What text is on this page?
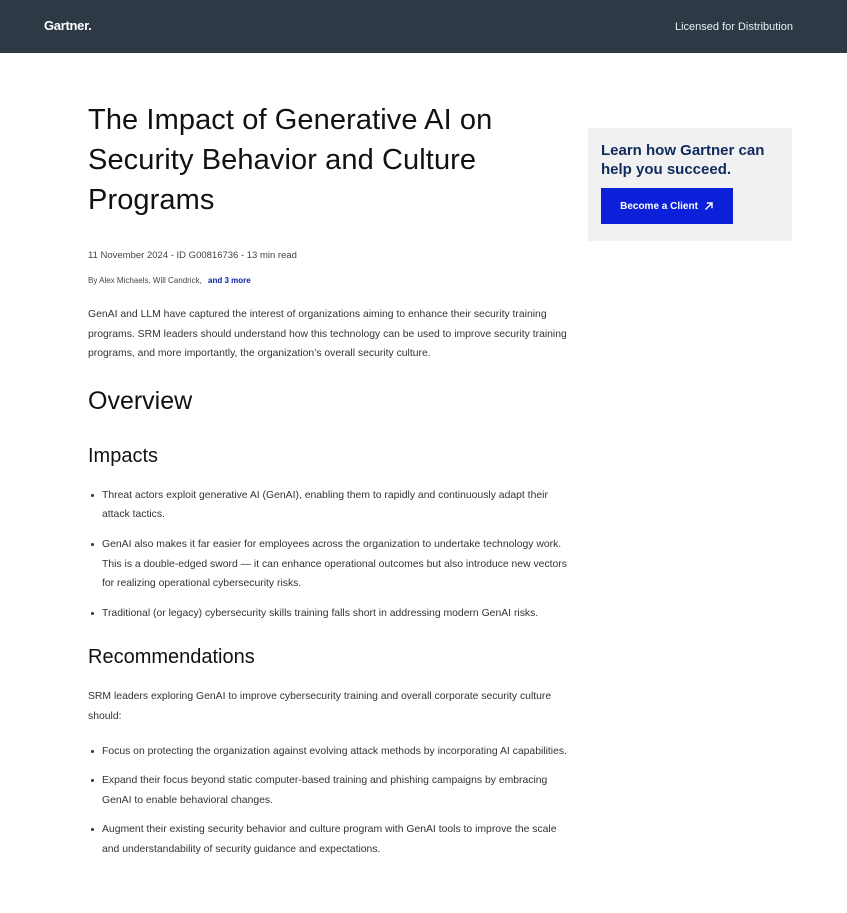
Gartner.	Licensed for Distribution
The Impact of Generative AI on Security Behavior and Culture Programs
11 November 2024 - ID G00816736 - 13 min read
By Alex Michaels, Will Candrick, and 3 more

GenAI and LLM have captured the interest of organizations aiming to enhance their security training programs. SRM leaders should understand how this technology can be used to improve security training programs, and more importantly, the organization’s overall security culture.

Overview
Impacts
Threat actors exploit generative AI (GenAI), enabling them to rapidly and continuously adapt their attack tactics.
GenAI also makes it far easier for employees across the organization to undertake technology work. This is a double-edged sword — it can enhance operational outcomes but also introduce new vectors for realizing operational cybersecurity risks.
Traditional (or legacy) cybersecurity skills training falls short in addressing modern GenAI risks.
Recommendations

SRM leaders exploring GenAI to improve cybersecurity training and overall corporate security culture should:

Focus on protecting the organization against evolving attack methods by incorporating AI capabilities.
Expand their focus beyond static computer-based training and phishing campaigns by embracing GenAI to enable behavioral changes.
Augment their existing security behavior and culture program with GenAI tools to improve the scale and understandability of security guidance and expectations.
Learn how Gartner can help you succeed.
Become a Client
